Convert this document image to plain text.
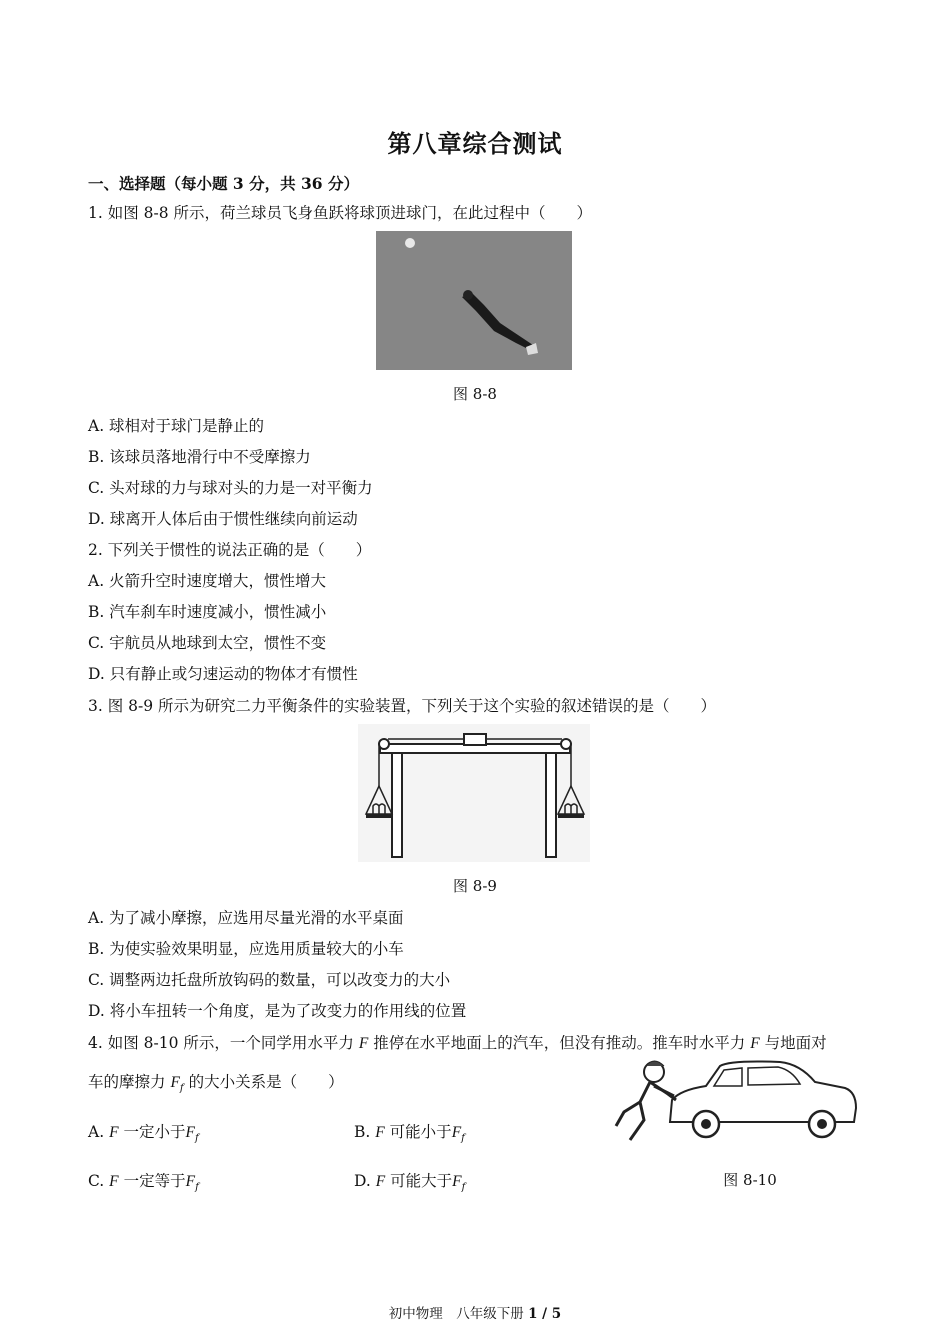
第八章综合测试
一、选择题（每小题 3 分，共 36 分）
1. 如图 8-8 所示，荷兰球员飞身鱼跃将球顶进球门，在此过程中（　　）
图 8-8
A. 球相对于球门是静止的
B. 该球员落地滑行中不受摩擦力
C. 头对球的力与球对头的力是一对平衡力
D. 球离开人体后由于惯性继续向前运动
2. 下列关于惯性的说法正确的是（　　）
A. 火箭升空时速度增大，惯性增大
B. 汽车刹车时速度减小，惯性减小
C. 宇航员从地球到太空，惯性不变
D. 只有静止或匀速运动的物体才有惯性
3. 图 8-9 所示为研究二力平衡条件的实验装置，下列关于这个实验的叙述错误的是（　　）
图 8-9
A. 为了减小摩擦，应选用尽量光滑的水平桌面
B. 为使实验效果明显，应选用质量较大的小车
C. 调整两边托盘所放钩码的数量，可以改变力的大小
D. 将小车扭转一个角度，是为了改变力的作用线的位置
4. 如图 8-10 所示，一个同学用水平力 F 推停在水平地面上的汽车，但没有推动。推车时水平力 F 与地面对
车的摩擦力 $F_f$ 的大小关系是（　　）
A. F 一定小于$F_f$	B. F 可能小于$F_f$
C. F 一定等于$F_f$	D. F 可能大于$F_f$	图 8-10
初中物理　八年级下册 1 / 5
